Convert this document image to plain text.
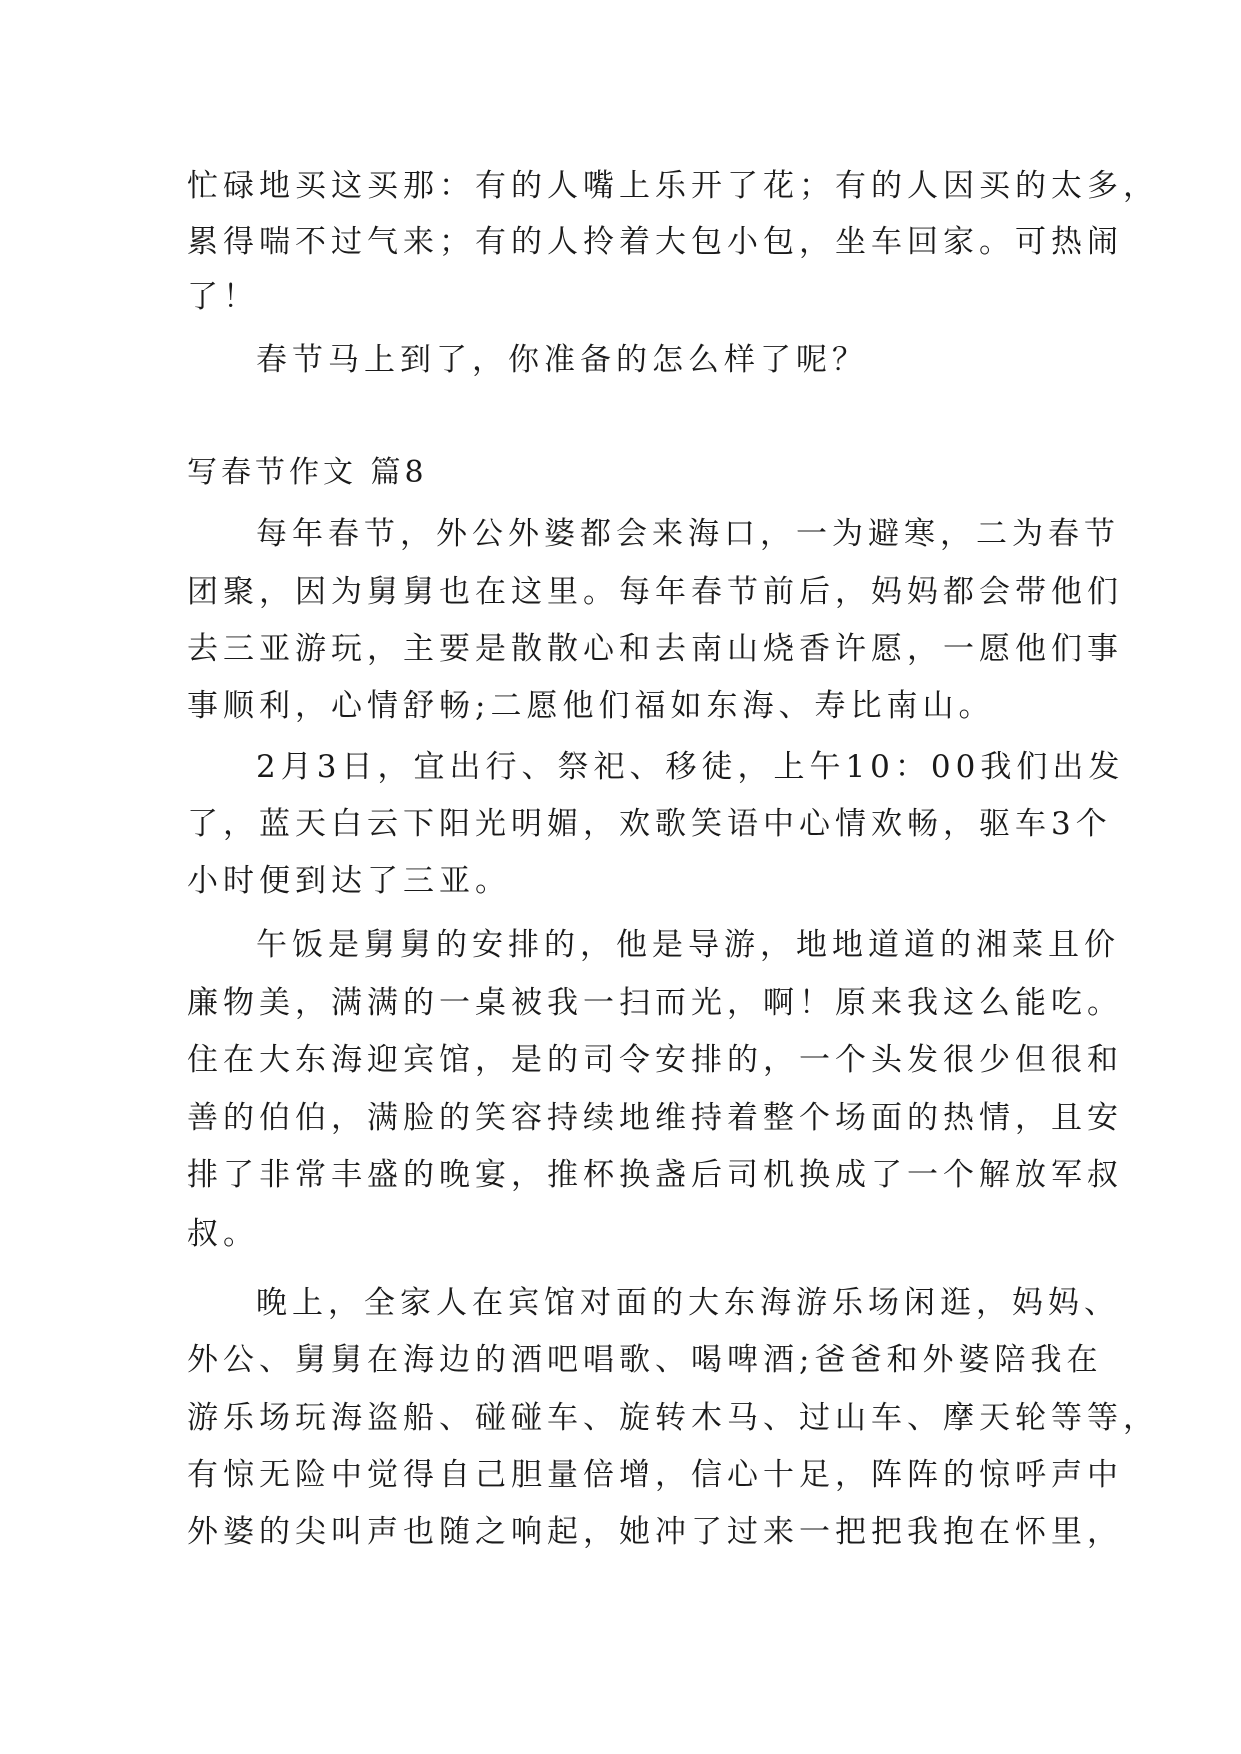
忙碌地买这买那：有的人嘴上乐开了花；有的人因买的太多，
累得喘不过气来；有的人拎着大包小包，坐车回家。可热闹
了！
春节马上到了，你准备的怎么样了呢？
写春节作文 篇8
每年春节，外公外婆都会来海口，一为避寒，二为春节
团聚，因为舅舅也在这里。每年春节前后，妈妈都会带他们
去三亚游玩，主要是散散心和去南山烧香许愿，一愿他们事
事顺利，心情舒畅;二愿他们福如东海、寿比南山。
2月3日，宜出行、祭祀、移徒，上午10：00我们出发
了，蓝天白云下阳光明媚，欢歌笑语中心情欢畅，驱车3个
小时便到达了三亚。
午饭是舅舅的安排的，他是导游，地地道道的湘菜且价
廉物美，满满的一桌被我一扫而光，啊！原来我这么能吃。
住在大东海迎宾馆，是的司令安排的，一个头发很少但很和
善的伯伯，满脸的笑容持续地维持着整个场面的热情，且安
排了非常丰盛的晚宴，推杯换盏后司机换成了一个解放军叔
叔。
晚上，全家人在宾馆对面的大东海游乐场闲逛，妈妈、
外公、舅舅在海边的酒吧唱歌、喝啤酒;爸爸和外婆陪我在
游乐场玩海盗船、碰碰车、旋转木马、过山车、摩天轮等等，
有惊无险中觉得自己胆量倍增，信心十足，阵阵的惊呼声中
外婆的尖叫声也随之响起，她冲了过来一把把我抱在怀里，
